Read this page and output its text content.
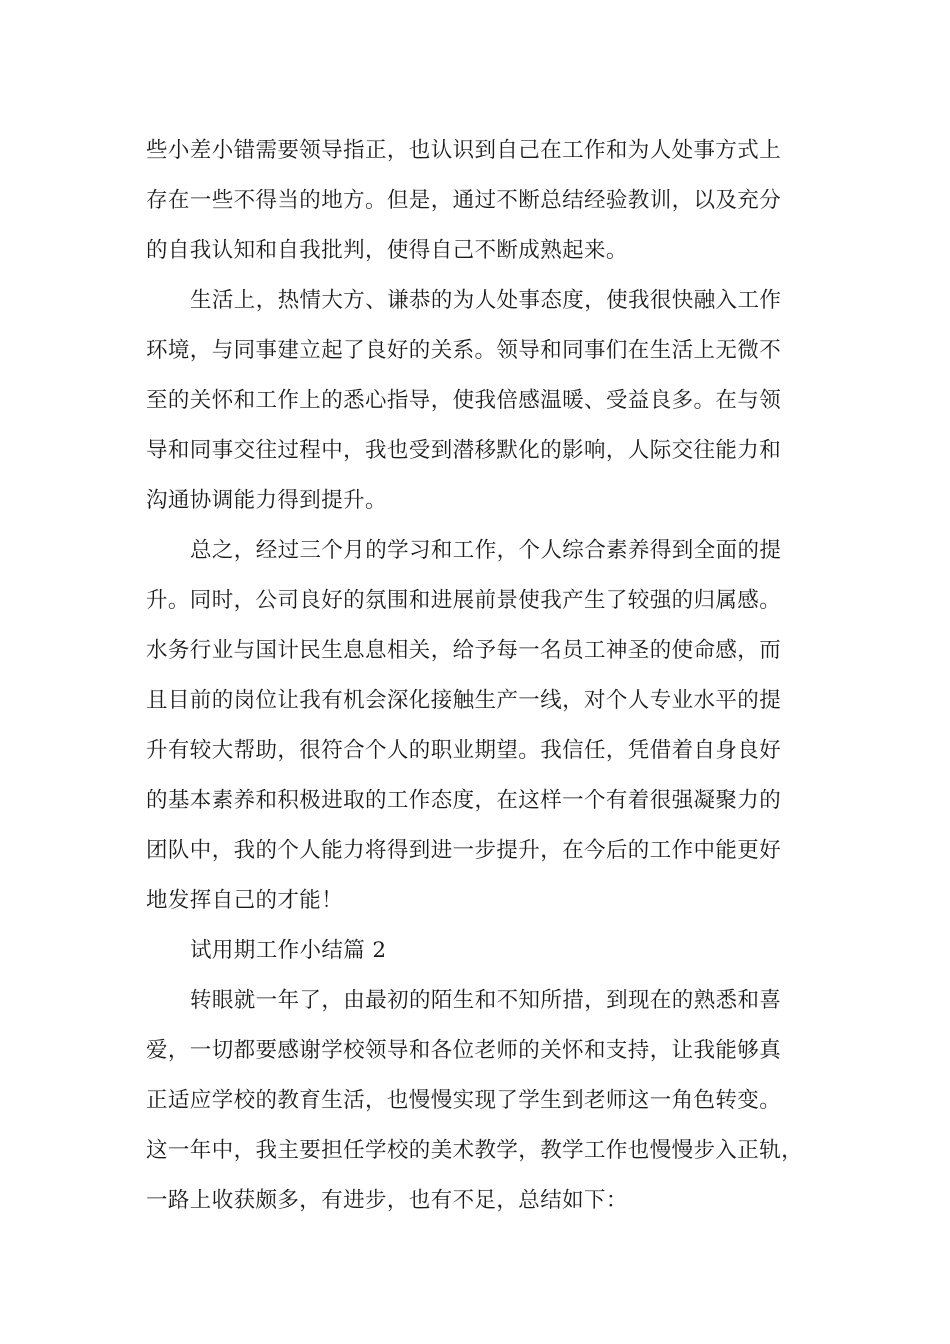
些小差小错需要领导指正，也认识到自己在工作和为人处事方式上
存在一些不得当的地方。但是，通过不断总结经验教训，以及充分
的自我认知和自我批判，使得自己不断成熟起来。
生活上，热情大方、谦恭的为人处事态度，使我很快融入工作
环境，与同事建立起了良好的关系。领导和同事们在生活上无微不
至的关怀和工作上的悉心指导，使我倍感温暖、受益良多。在与领
导和同事交往过程中，我也受到潜移默化的影响，人际交往能力和
沟通协调能力得到提升。
总之，经过三个月的学习和工作，个人综合素养得到全面的提
升。同时，公司良好的氛围和进展前景使我产生了较强的归属感。
水务行业与国计民生息息相关，给予每一名员工神圣的使命感，而
且目前的岗位让我有机会深化接触生产一线，对个人专业水平的提
升有较大帮助，很符合个人的职业期望。我信任，凭借着自身良好
的基本素养和积极进取的工作态度，在这样一个有着很强凝聚力的
团队中，我的个人能力将得到进一步提升，在今后的工作中能更好
地发挥自己的才能！
试用期工作小结篇 2
转眼就一年了，由最初的陌生和不知所措，到现在的熟悉和喜
爱，一切都要感谢学校领导和各位老师的关怀和支持，让我能够真
正适应学校的教育生活，也慢慢实现了学生到老师这一角色转变。
这一年中，我主要担任学校的美术教学，教学工作也慢慢步入正轨，
一路上收获颇多，有进步，也有不足，总结如下：
